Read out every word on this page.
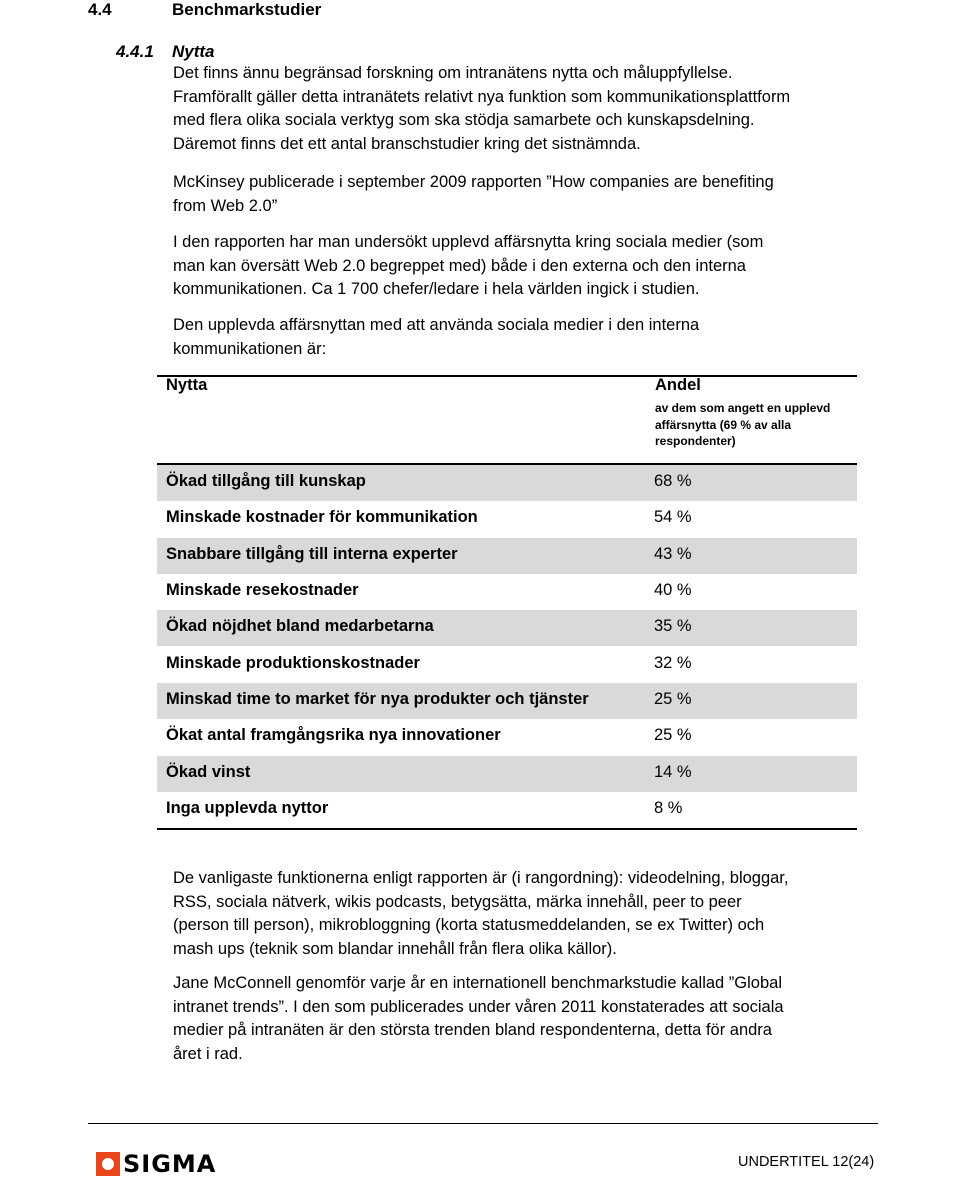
4.4	Benchmarkstudier
4.4.1 Nytta

Det finns ännu begränsad forskning om intranätens nytta och måluppfyllelse.
Framförallt gäller detta intranätets relativt nya funktion som kommunikationsplattform
med flera olika sociala verktyg som ska stödja samarbete och kunskapsdelning.
Däremot finns det ett antal branschstudier kring det sistnämnda.

McKinsey publicerade i september 2009 rapporten ”How companies are benefiting
from Web 2.0”

I den rapporten har man undersökt upplevd affärsnytta kring sociala medier (som
man kan översätt Web 2.0 begreppet med) både i den externa och den interna
kommunikationen. Ca 1 700 chefer/ledare i hela världen ingick i studien.

Den upplevda affärsnyttan med att använda sociala medier i den interna
kommunikationen är:

Nytta	Andel
av dem som angett en upplevd affärsnytta (69 % av alla respondenter)
Ökad tillgång till kunskap	68 %
Minskade kostnader för kommunikation	54 %
Snabbare tillgång till interna experter	43 %
Minskade resekostnader	40 %
Ökad nöjdhet bland medarbetarna	35 %
Minskade produktionskostnader	32 %
Minskad time to market för nya produkter och tjänster	25 %
Ökat antal framgångsrika nya innovationer	25 %
Ökad vinst	14 %
Inga upplevda nyttor	8 %

De vanligaste funktionerna enligt rapporten är (i rangordning): videodelning, bloggar,
RSS, sociala nätverk, wikis podcasts, betygsätta, märka innehåll, peer to peer
(person till person), mikrobloggning (korta statusmeddelanden, se ex Twitter) och
mash ups (teknik som blandar innehåll från flera olika källor).

Jane McConnell genomför varje år en internationell benchmarkstudie kallad ”Global
intranet trends”. I den som publicerades under våren 2011 konstaterades att sociala
medier på intranäten är den största trenden bland respondenterna, detta för andra
året i rad.

SIGMA	UNDERTITEL 12(24)
